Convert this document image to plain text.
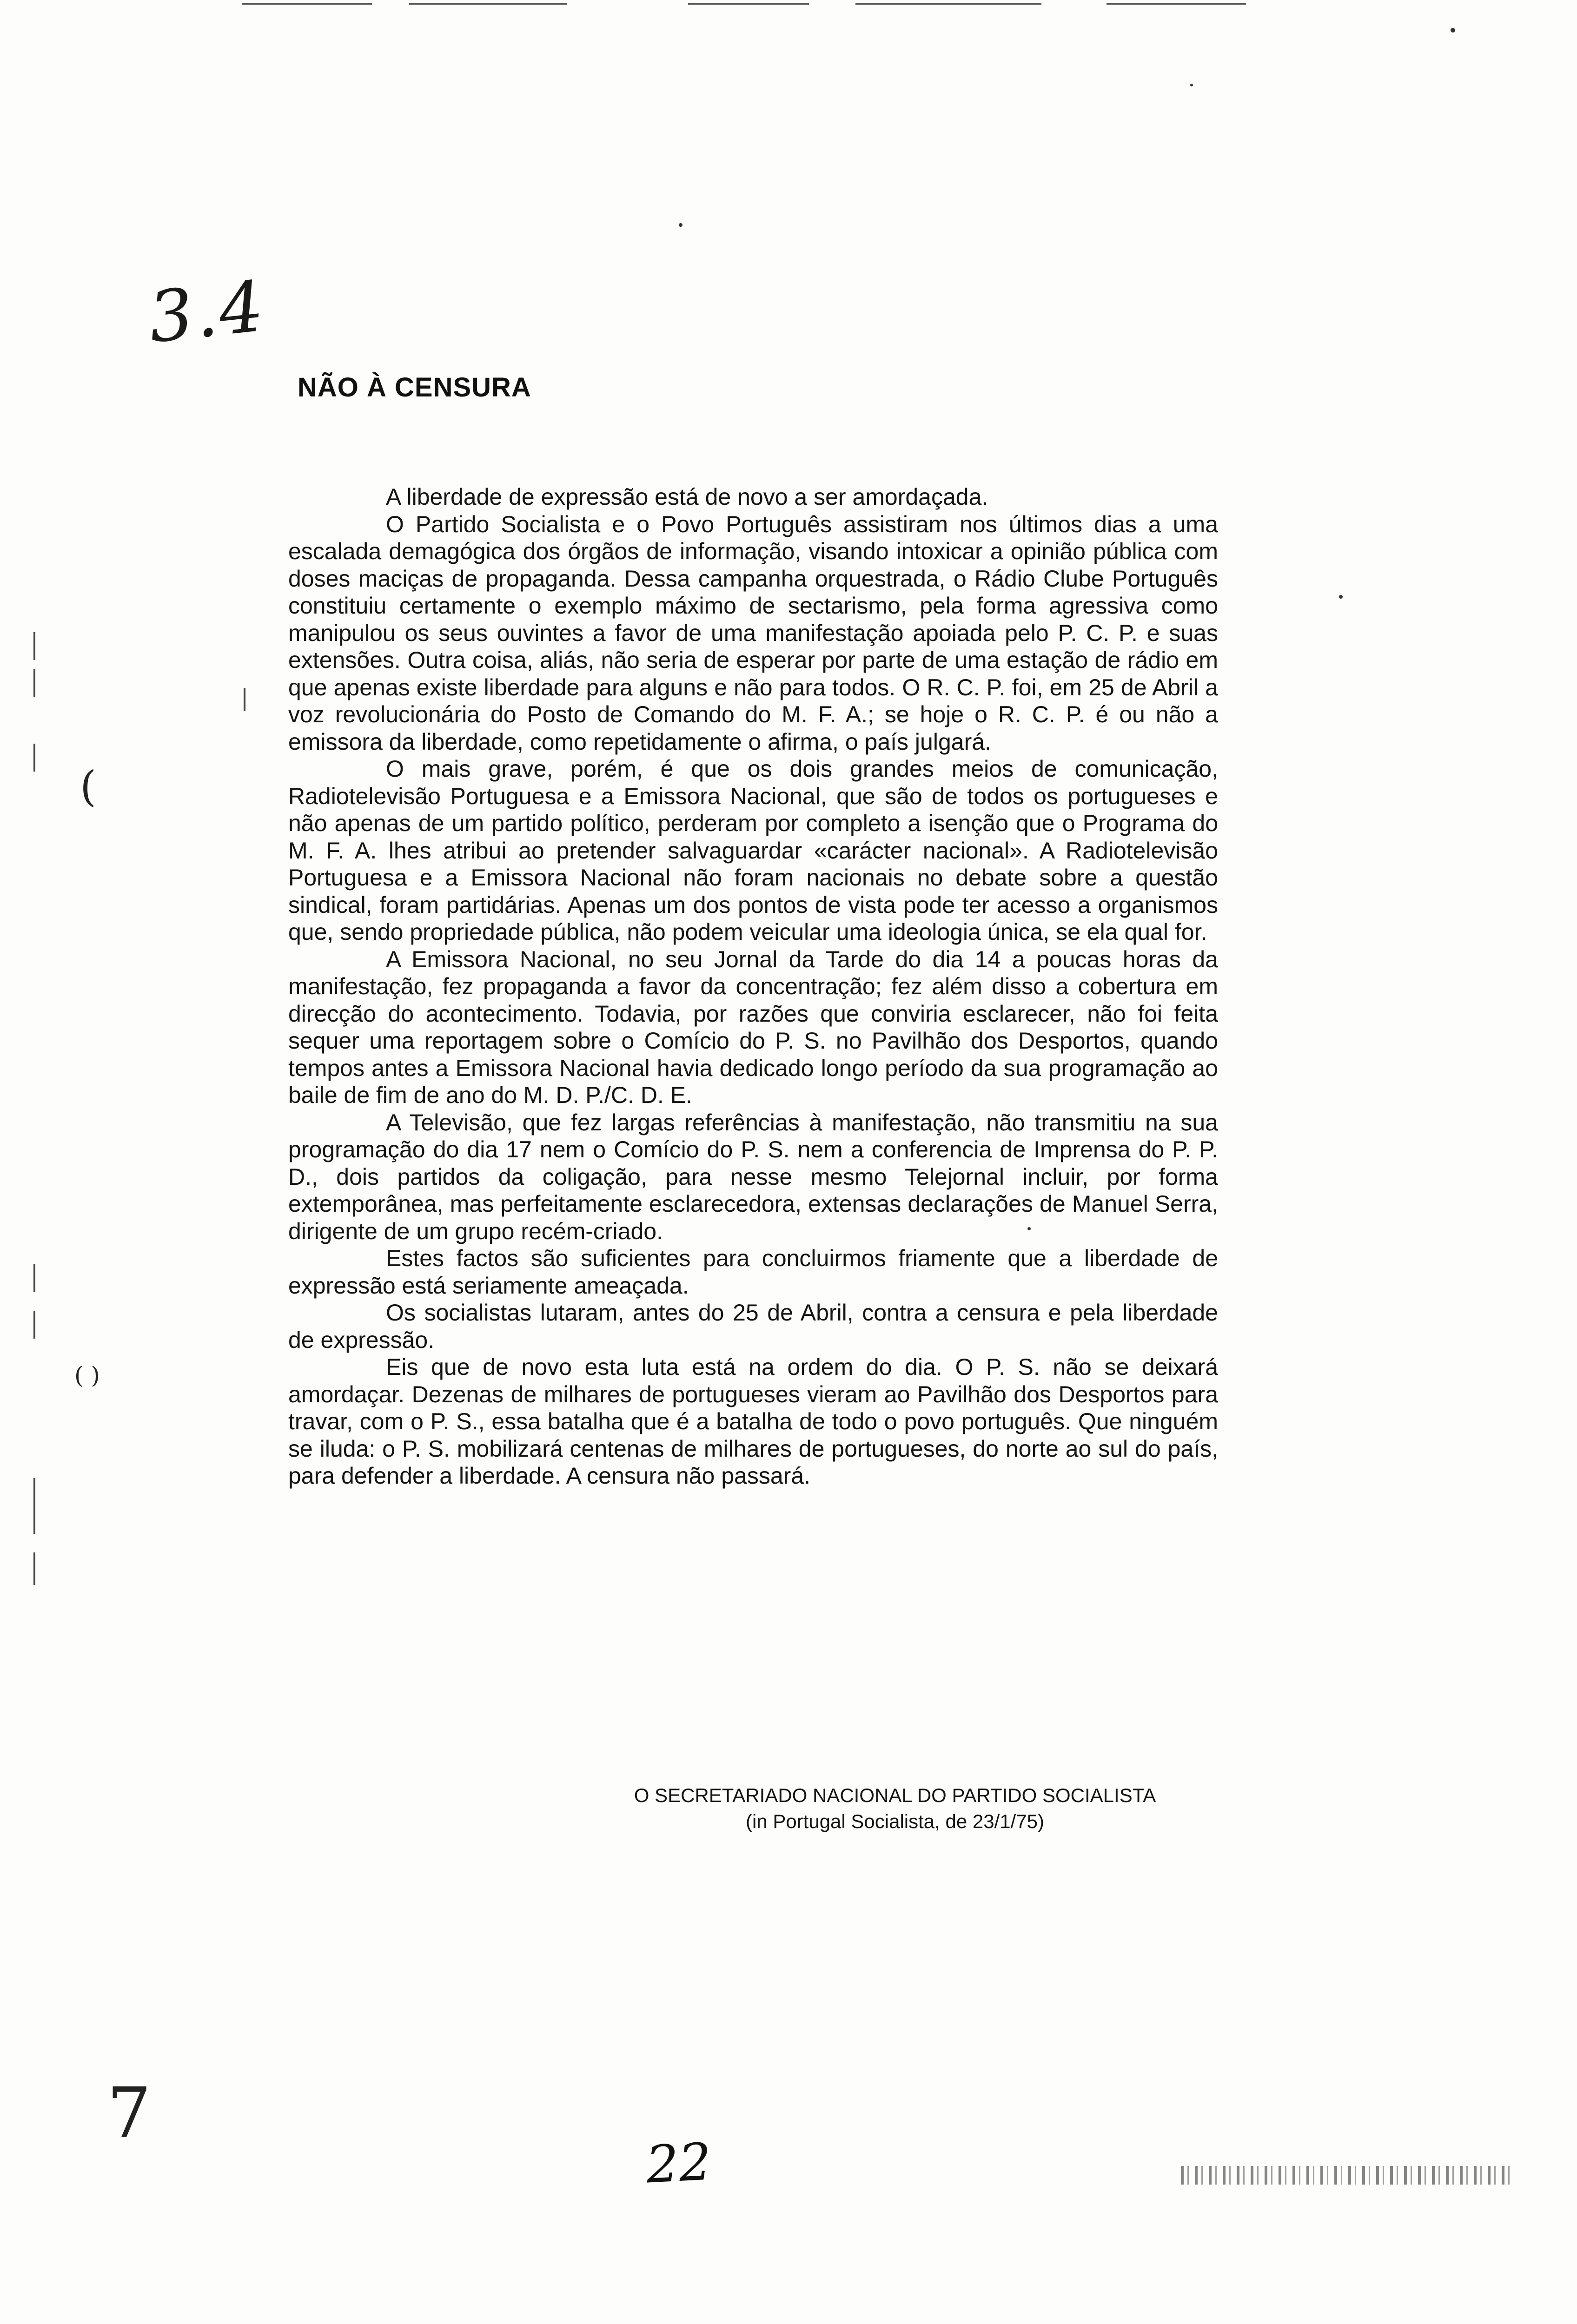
(
( )
7
3.4
NÃO À CENSURA

A liberdade de expressão está de novo a ser amordaçada.

O Partido Socialista e o Povo Português assistiram nos últimos dias a uma escalada demagógica dos órgãos de informação, visando intoxicar a opinião pública com doses maciças de propaganda. Dessa campanha orquestrada, o Rádio Clube Português constituiu certamente o exemplo máximo de sectarismo, pela forma agressiva como manipulou os seus ouvintes a favor de uma manifestação apoiada pelo P. C. P. e suas extensões. Outra coisa, aliás, não seria de esperar por parte de uma estação de rádio em que apenas existe liberdade para alguns e não para todos. O R. C. P. foi, em 25 de Abril a voz revolucionária do Posto de Comando do M. F. A.; se hoje o R. C. P. é ou não a emissora da liberdade, como repetidamente o afirma, o país julgará.

O mais grave, porém, é que os dois grandes meios de comunicação, Radiotelevisão Portuguesa e a Emissora Nacional, que são de todos os portugueses e não apenas de um partido político, perderam por completo a isenção que o Programa do M. F. A. lhes atribui ao pretender salvaguardar «carácter nacional». A Radiotelevisão Portuguesa e a Emissora Nacional não foram nacionais no debate sobre a questão sindical, foram partidárias. Apenas um dos pontos de vista pode ter acesso a organismos que, sendo propriedade pública, não podem veicular uma ideologia única, se ela qual for.

A Emissora Nacional, no seu Jornal da Tarde do dia 14 a poucas horas da manifestação, fez propaganda a favor da concentração; fez além disso a cobertura em direcção do acontecimento. Todavia, por razões que conviria esclarecer, não foi feita sequer uma reportagem sobre o Comício do P. S. no Pavilhão dos Desportos, quando tempos antes a Emissora Nacional havia dedicado longo período da sua programação ao baile de fim de ano do M. D. P./C. D. E.

A Televisão, que fez largas referências à manifestação, não transmitiu na sua programação do dia 17 nem o Comício do P. S. nem a conferencia de Imprensa do P. P. D., dois partidos da coligação, para nesse mesmo Telejornal incluir, por forma extemporânea, mas perfeitamente esclarecedora, extensas declarações de Manuel Serra, dirigente de um grupo recém-criado.

Estes factos são suficientes para concluirmos friamente que a liberdade de expressão está seriamente ameaçada.

Os socialistas lutaram, antes do 25 de Abril, contra a censura e pela liberdade de expressão.

Eis que de novo esta luta está na ordem do dia. O P. S. não se deixará amordaçar. Dezenas de milhares de portugueses vieram ao Pavilhão dos Desportos para travar, com o P. S., essa batalha que é a batalha de todo o povo português. Que ninguém se iluda: o P. S. mobilizará centenas de milhares de portugueses, do norte ao sul do país, para defender a liberdade. A censura não passará.

O SECRETARIADO NACIONAL DO PARTIDO SOCIALISTA
(in Portugal Socialista, de 23/1/75)
22
